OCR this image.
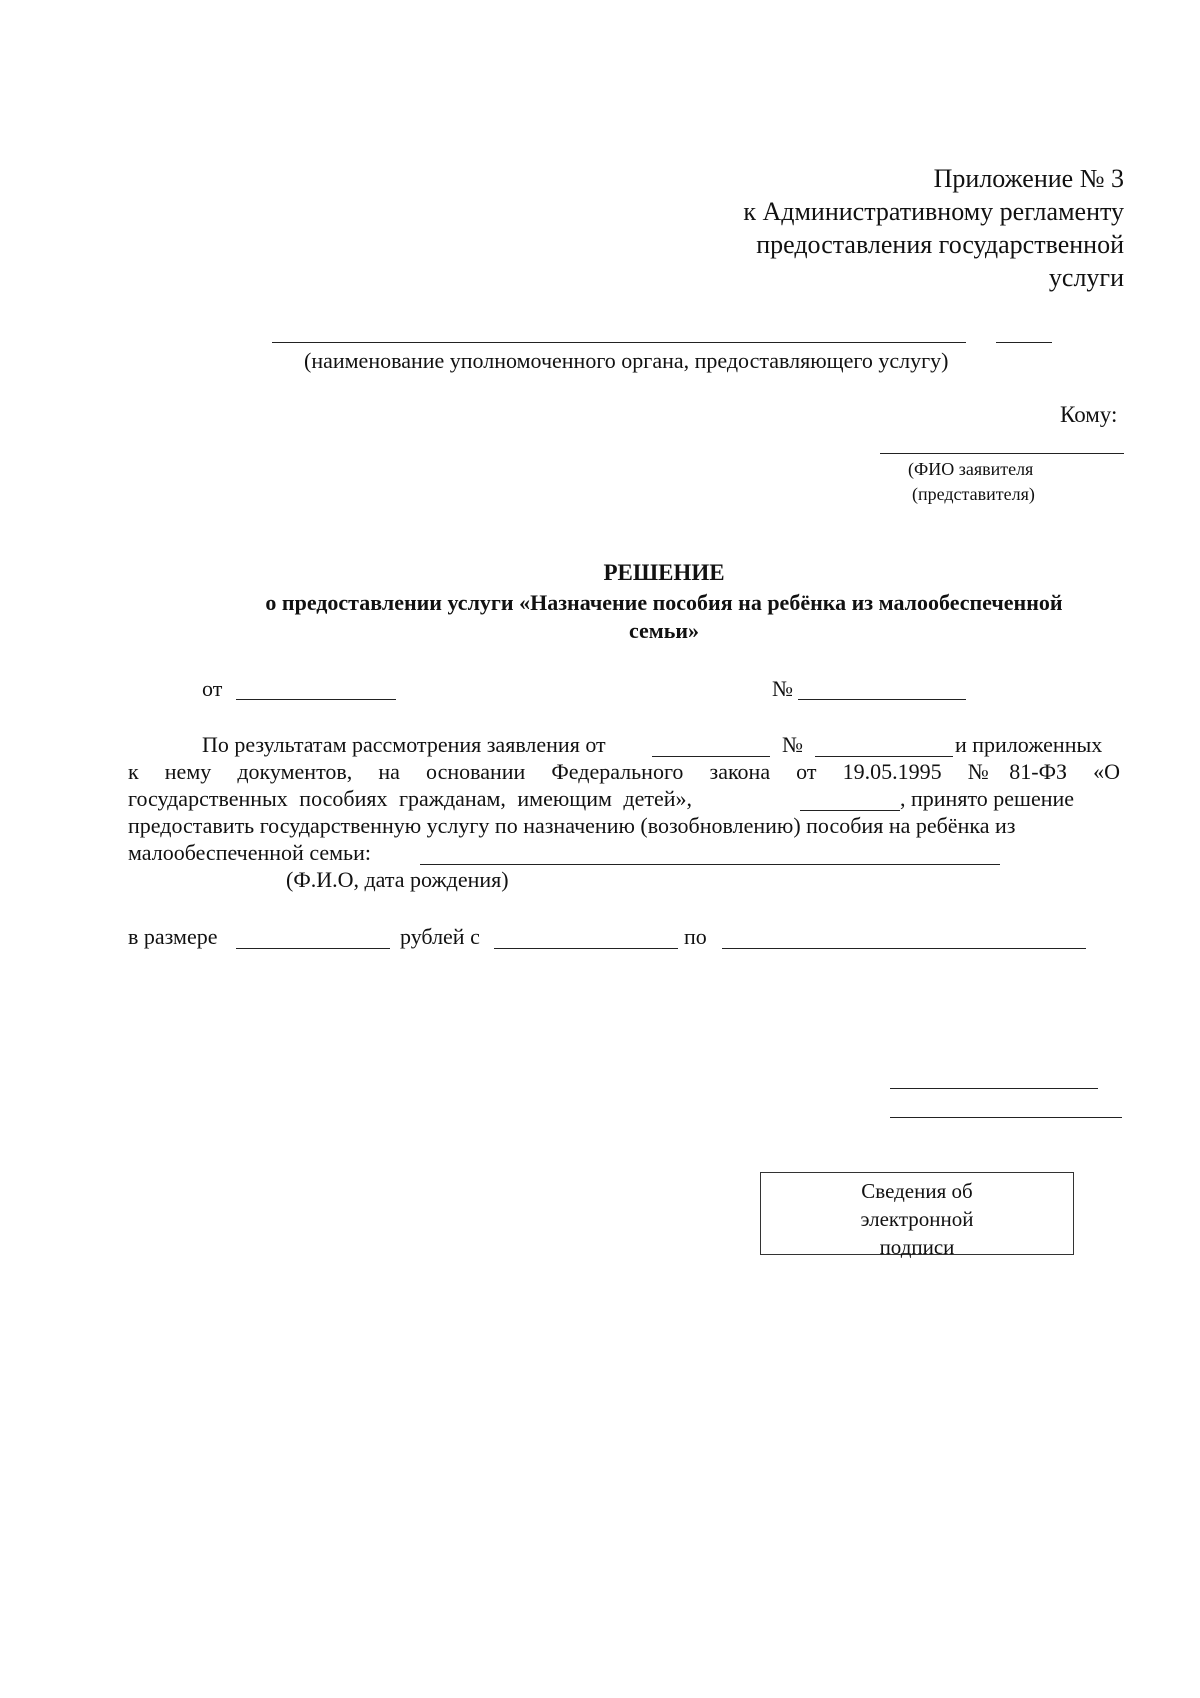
Приложение № 3
к Административному регламенту
предоставления государственной
услуги
(наименование уполномоченного органа, предоставляющего услугу)
Кому:
(ФИО заявителя
(представителя)
РЕШЕНИЕ
о предоставлении услуги «Назначение пособия на ребёнка из малообеспеченной
семьи»
от	№
По результатам рассмотрения заявления от	№	и приложенных
к нему документов, на основании Федерального закона от 19.05.1995 №81-ФЗ «О
государственных пособиях гражданам, имеющим детей»,	, принято решение
предоставить государственную услугу по назначению (возобновлению) пособия на ребёнка из
малообеспеченной семьи:
(Ф.И.О, дата рождения)
в размере	рублей с	по
Сведения об
электронной
подписи
